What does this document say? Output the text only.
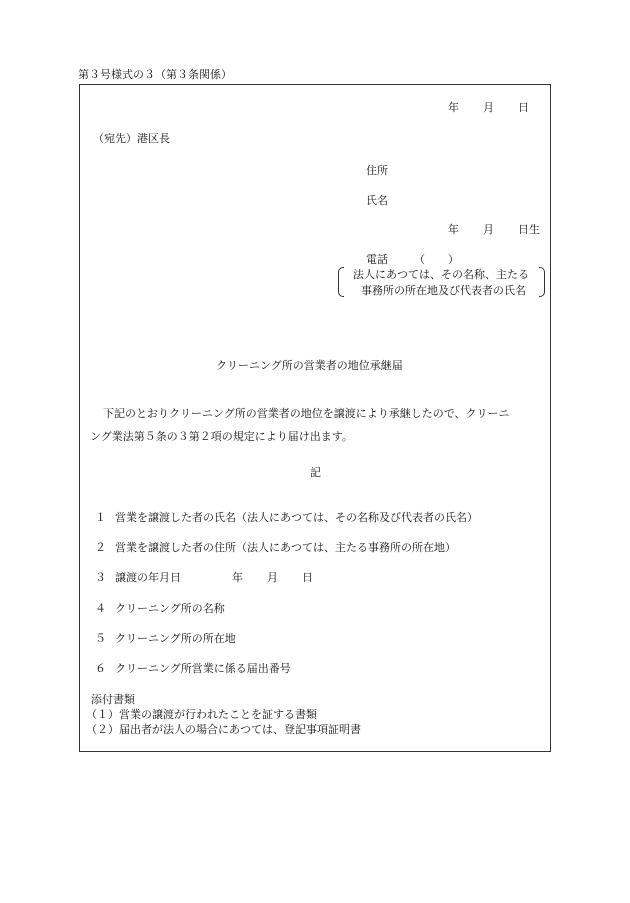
第３号様式の３（第３条関係）
年 月 日
（宛先）港区長
住所
氏名
年 月 日生
電話 （ ）
法人にあつては、その名称、主たる
事務所の所在地及び代表者の氏名
クリーニング所の営業者の地位承継届
下記のとおりクリーニング所の営業者の地位を譲渡により承継したので、クリーニ
ング業法第５条の３第２項の規定により届け出ます。
記
１ 営業を譲渡した者の氏名（法人にあつては、その名称及び代表者の氏名）
２ 営業を譲渡した者の住所（法人にあつては、主たる事務所の所在地）
３ 譲渡の年月日	年 月 日
４ クリーニング所の名称
５ クリーニング所の所在地
６ クリーニング所営業に係る届出番号
添付書類
（１）営業の譲渡が行われたことを証する書類
（２）届出者が法人の場合にあつては、登記事項証明書
